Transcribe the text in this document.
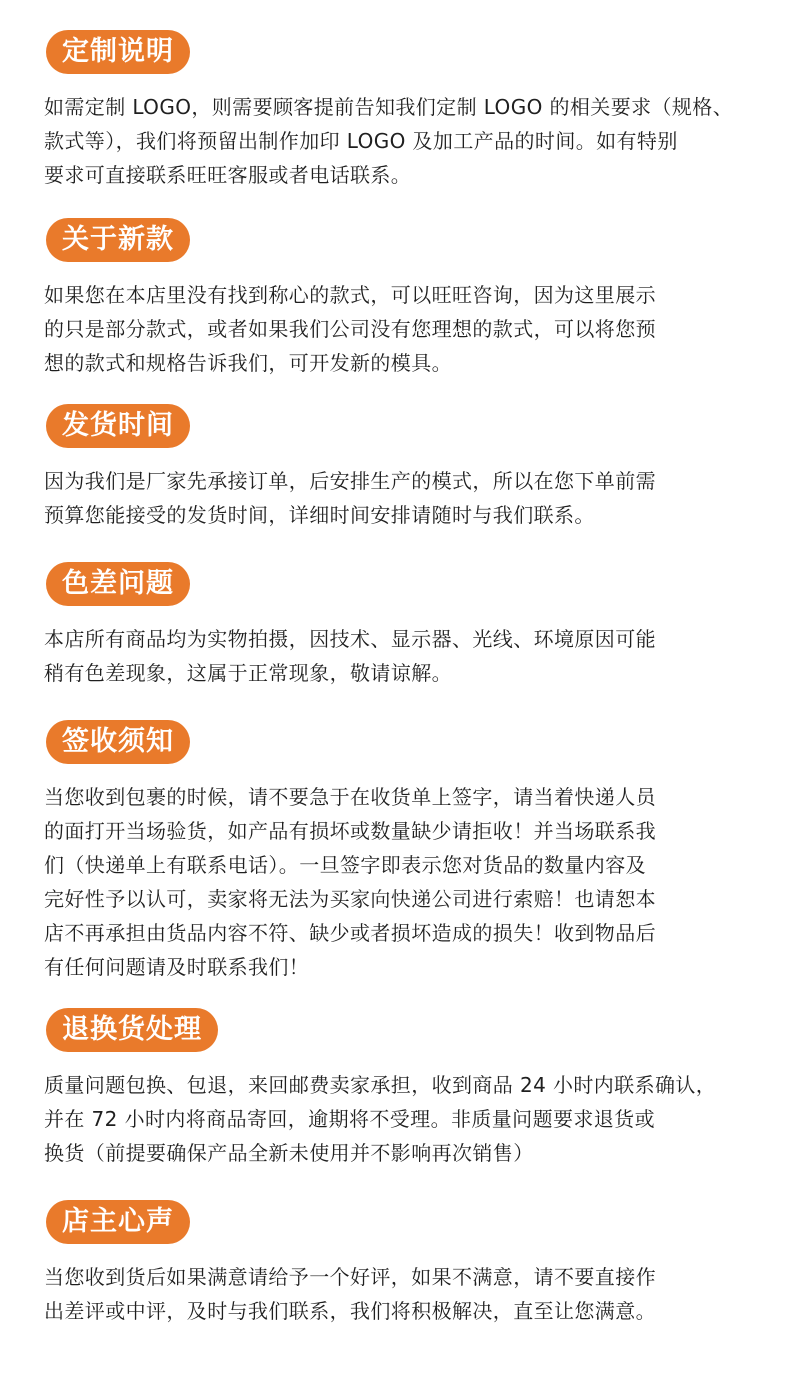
定制说明
如需定制 LOGO，则需要顾客提前告知我们定制 LOGO 的相关要求（规格、
款式等），我们将预留出制作加印 LOGO 及加工产品的时间。如有特别
要求可直接联系旺旺客服或者电话联系。
关于新款
如果您在本店里没有找到称心的款式，可以旺旺咨询，因为这里展示
的只是部分款式，或者如果我们公司没有您理想的款式，可以将您预
想的款式和规格告诉我们，可开发新的模具。
发货时间
因为我们是厂家先承接订单，后安排生产的模式，所以在您下单前需
预算您能接受的发货时间，详细时间安排请随时与我们联系。
色差问题
本店所有商品均为实物拍摄，因技术、显示器、光线、环境原因可能
稍有色差现象，这属于正常现象，敬请谅解。
签收须知
当您收到包裹的时候，请不要急于在收货单上签字，请当着快递人员
的面打开当场验货，如产品有损坏或数量缺少请拒收！并当场联系我
们（快递单上有联系电话）。一旦签字即表示您对货品的数量内容及
完好性予以认可，卖家将无法为买家向快递公司进行索赔！也请恕本
店不再承担由货品内容不符、缺少或者损坏造成的损失！收到物品后
有任何问题请及时联系我们！
退换货处理
质量问题包换、包退，来回邮费卖家承担，收到商品 24 小时内联系确认，
并在 72 小时内将商品寄回，逾期将不受理。非质量问题要求退货或
换货（前提要确保产品全新未使用并不影响再次销售）
店主心声
当您收到货后如果满意请给予一个好评，如果不满意，请不要直接作
出差评或中评，及时与我们联系，我们将积极解决，直至让您满意。
